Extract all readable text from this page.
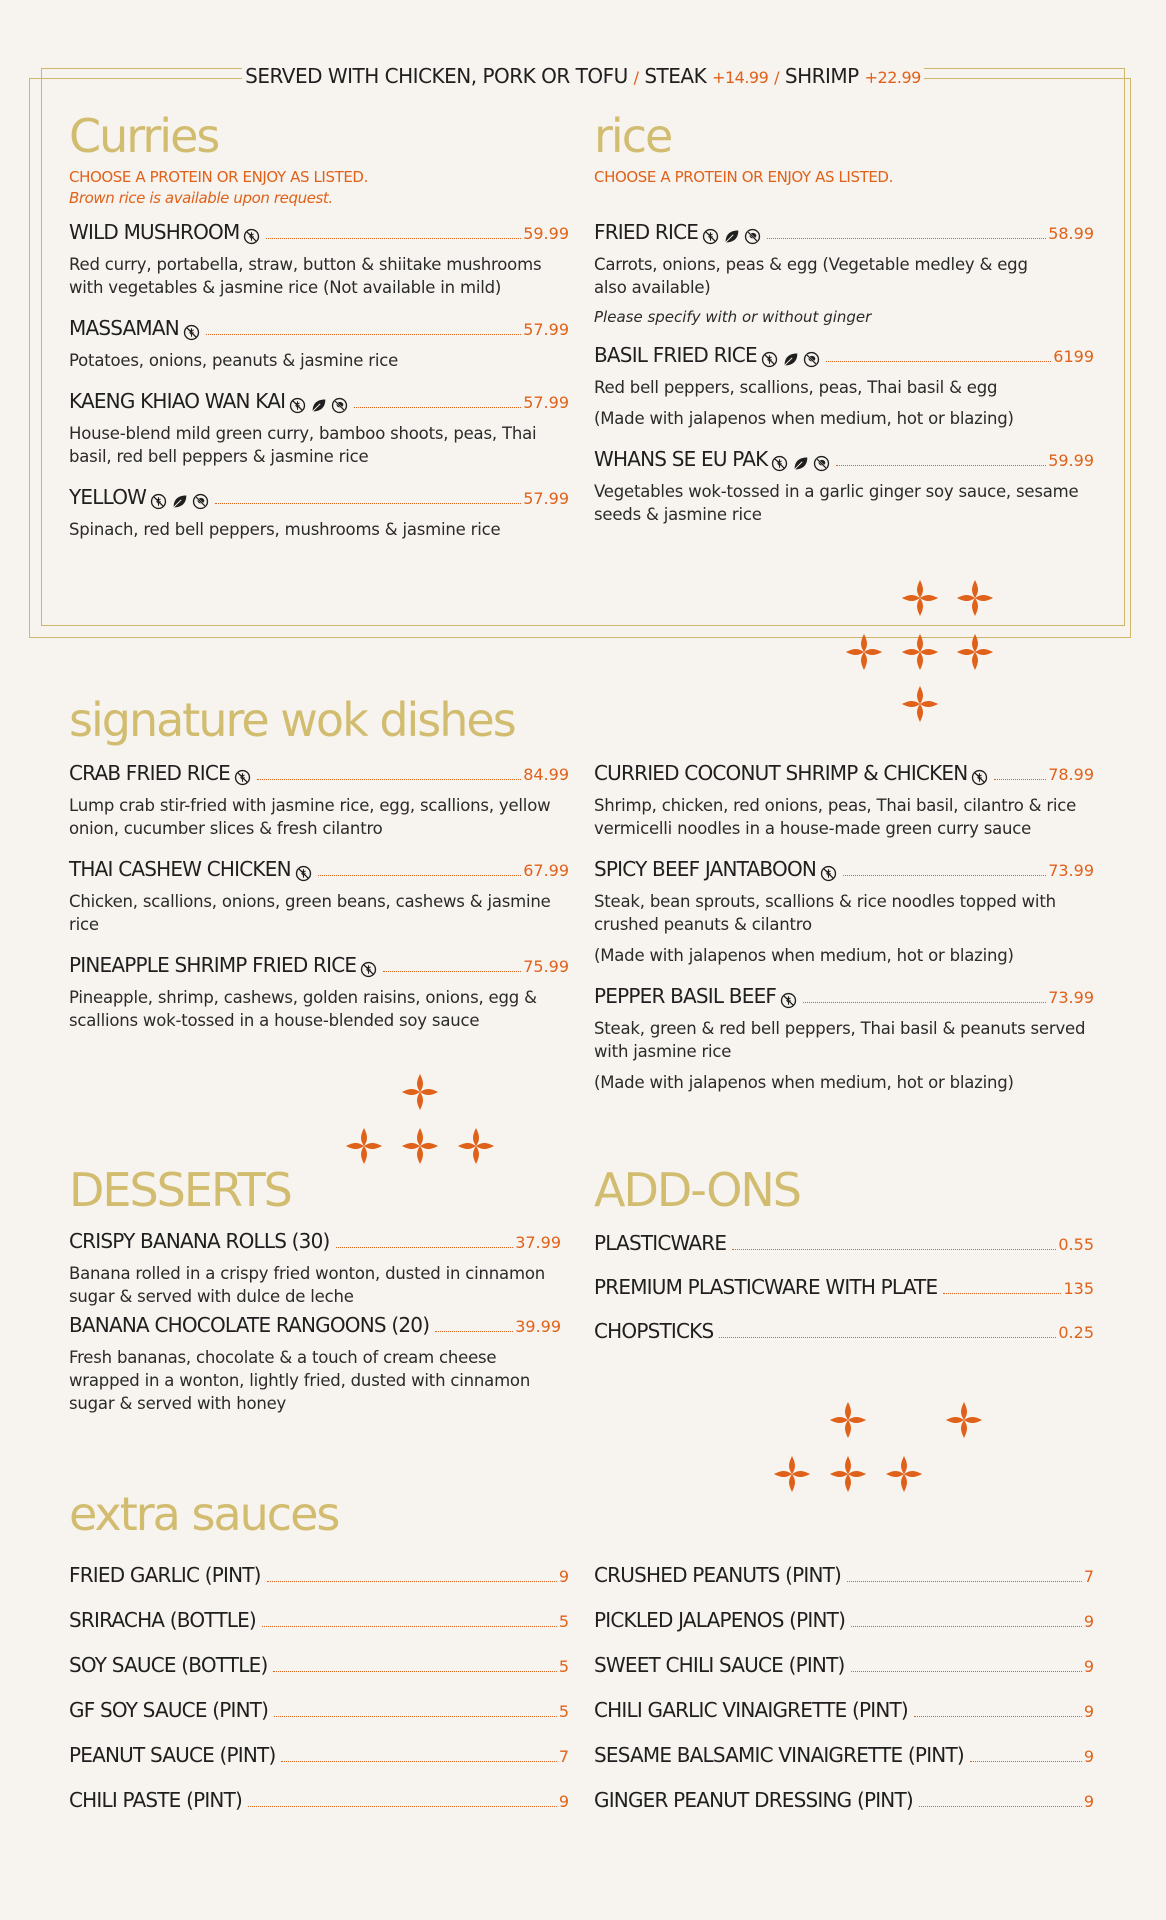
SERVED WITH CHICKEN, PORK OR TOFU / STEAK +14.99 / SHRIMP +22.99
Curries
CHOOSE A PROTEIN OR ENJOY AS LISTED.
Brown rice is available upon request.
WILD MUSHROOM	59.99
Red curry, portabella, straw, button & shiitake mushrooms with vegetables & jasmine rice (Not available in mild)
MASSAMAN	57.99
Potatoes, onions, peanuts & jasmine rice
KAENG KHIAO WAN KAI	57.99
House-blend mild green curry, bamboo shoots, peas, Thai basil, red bell peppers & jasmine rice
YELLOW	57.99
Spinach, red bell peppers, mushrooms & jasmine rice
rice
CHOOSE A PROTEIN OR ENJOY AS LISTED.
FRIED RICE	58.99
Carrots, onions, peas & egg (Vegetable medley & egg also available)
Please specify with or without ginger
BASIL FRIED RICE	6199
Red bell peppers, scallions, peas, Thai basil & egg
(Made with jalapenos when medium, hot or blazing)
WHANS SE EU PAK	59.99
Vegetables wok-tossed in a garlic ginger soy sauce, sesame seeds & jasmine rice
signature wok dishes
CRAB FRIED RICE	84.99
Lump crab stir-fried with jasmine rice, egg, scallions, yellow onion, cucumber slices & fresh cilantro
THAI CASHEW CHICKEN	67.99
Chicken, scallions, onions, green beans, cashews & jasmine rice
PINEAPPLE SHRIMP FRIED RICE	75.99
Pineapple, shrimp, cashews, golden raisins, onions, egg & scallions wok-tossed in a house-blended soy sauce
CURRIED COCONUT SHRIMP & CHICKEN	78.99
Shrimp, chicken, red onions, peas, Thai basil, cilantro & rice vermicelli noodles in a house-made green curry sauce
SPICY BEEF JANTABOON	73.99
Steak, bean sprouts, scallions & rice noodles topped with crushed peanuts & cilantro
(Made with jalapenos when medium, hot or blazing)
PEPPER BASIL BEEF	73.99
Steak, green & red bell peppers, Thai basil & peanuts served with jasmine rice
(Made with jalapenos when medium, hot or blazing)
DESSERTS
CRISPY BANANA ROLLS (30)	37.99
Banana rolled in a crispy fried wonton, dusted in cinnamon sugar & served with dulce de leche
BANANA CHOCOLATE RANGOONS (20)	39.99
Fresh bananas, chocolate & a touch of cream cheese wrapped in a wonton, lightly fried, dusted with cinnamon sugar & served with honey
ADD-ONS
PLASTICWARE	0.55
PREMIUM PLASTICWARE WITH PLATE	135
CHOPSTICKS	0.25
extra sauces
FRIED GARLIC (PINT)	9
SRIRACHA (BOTTLE)	5
SOY SAUCE (BOTTLE)	5
GF SOY SAUCE (PINT)	5
PEANUT SAUCE (PINT)	7
CHILI PASTE (PINT)	9
CRUSHED PEANUTS (PINT)	7
PICKLED JALAPENOS (PINT)	9
SWEET CHILI SAUCE (PINT)	9
CHILI GARLIC VINAIGRETTE (PINT)	9
SESAME BALSAMIC VINAIGRETTE (PINT)	9
GINGER PEANUT DRESSING (PINT)	9
